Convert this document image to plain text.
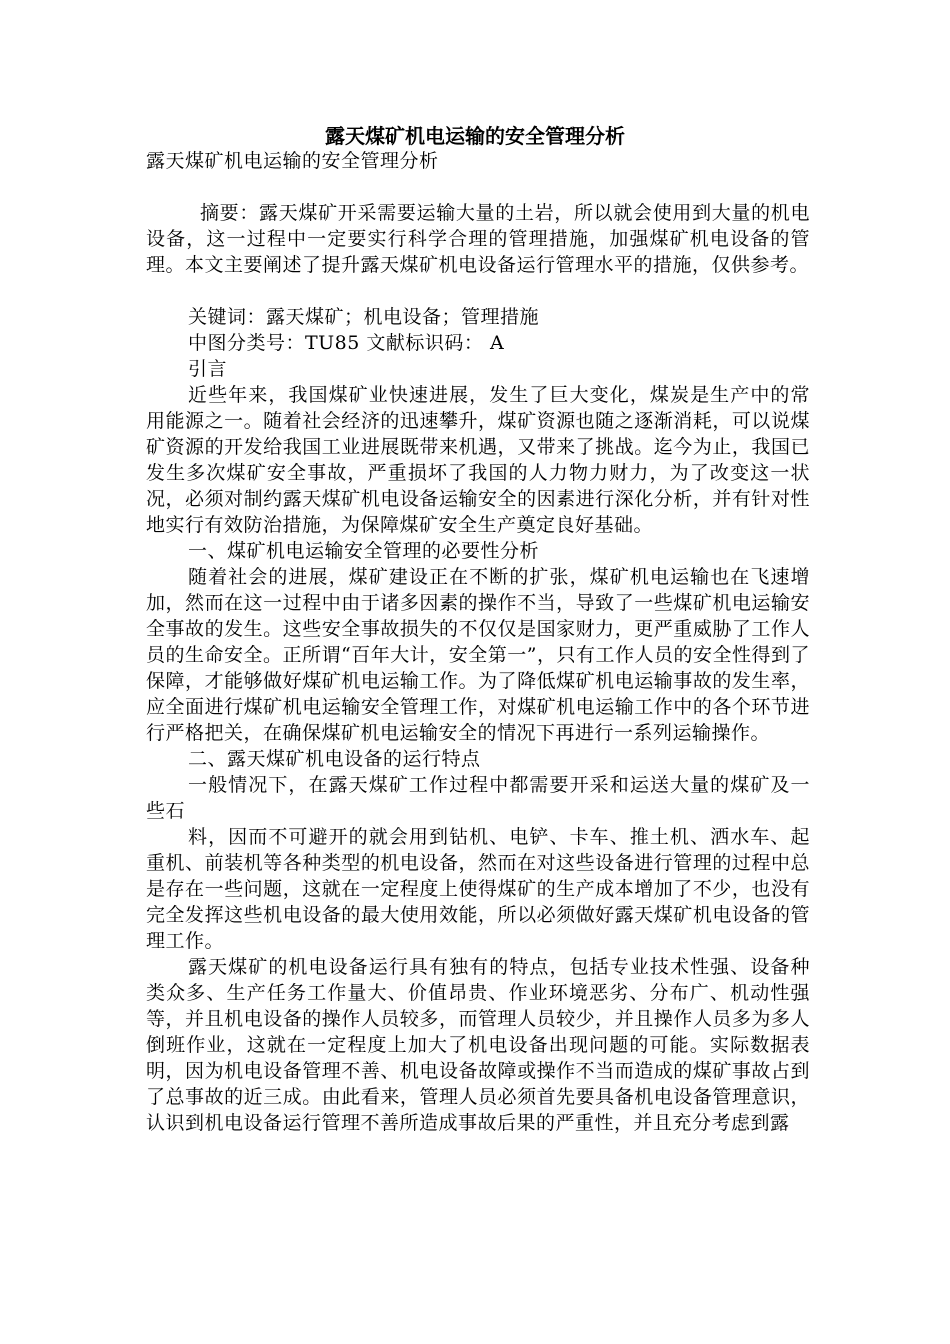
露天煤矿机电运输的安全管理分析

露天煤矿机电运输的安全管理分析

摘要：露天煤矿开采需要运输大量的土岩，所以就会使用到大量的机电设备，这一过程中一定要实行科学合理的管理措施，加强煤矿机电设备的管理。本文主要阐述了提升露天煤矿机电设备运行管理水平的措施，仅供参考。

关键词：露天煤矿；机电设备；管理措施

中图分类号：TU85 文献标识码： A

引言

近些年来，我国煤矿业快速进展，发生了巨大变化，煤炭是生产中的常用能源之一。随着社会经济的迅速攀升，煤矿资源也随之逐渐消耗，可以说煤矿资源的开发给我国工业进展既带来机遇，又带来了挑战。迄今为止，我国已发生多次煤矿安全事故，严重损坏了我国的人力物力财力，为了改变这一状况，必须对制约露天煤矿机电设备运输安全的因素进行深化分析，并有针对性地实行有效防治措施，为保障煤矿安全生产奠定良好基础。

一、煤矿机电运输安全管理的必要性分析

随着社会的进展，煤矿建设正在不断的扩张，煤矿机电运输也在飞速增加，然而在这一过程中由于诸多因素的操作不当，导致了一些煤矿机电运输安全事故的发生。这些安全事故损失的不仅仅是国家财力，更严重威胁了工作人员的生命安全。正所谓“百年大计，安全第一”，只有工作人员的安全性得到了保障，才能够做好煤矿机电运输工作。为了降低煤矿机电运输事故的发生率，应全面进行煤矿机电运输安全管理工作，对煤矿机电运输工作中的各个环节进行严格把关，在确保煤矿机电运输安全的情况下再进行一系列运输操作。

二、露天煤矿机电设备的运行特点

一般情况下，在露天煤矿工作过程中都需要开采和运送大量的煤矿及一些石

料，因而不可避开的就会用到钻机、电铲、卡车、推土机、洒水车、起重机、前装机等各种类型的机电设备，然而在对这些设备进行管理的过程中总是存在一些问题，这就在一定程度上使得煤矿的生产成本增加了不少，也没有完全发挥这些机电设备的最大使用效能，所以必须做好露天煤矿机电设备的管理工作。

露天煤矿的机电设备运行具有独有的特点，包括专业技术性强、设备种类众多、生产任务工作量大、价值昂贵、作业环境恶劣、分布广、机动性强等，并且机电设备的操作人员较多，而管理人员较少，并且操作人员多为多人倒班作业，这就在一定程度上加大了机电设备出现问题的可能。实际数据表明，因为机电设备管理不善、机电设备故障或操作不当而造成的煤矿事故占到了总事故的近三成。由此看来，管理人员必须首先要具备机电设备管理意识，认识到机电设备运行管理不善所造成事故后果的严重性，并且充分考虑到露
